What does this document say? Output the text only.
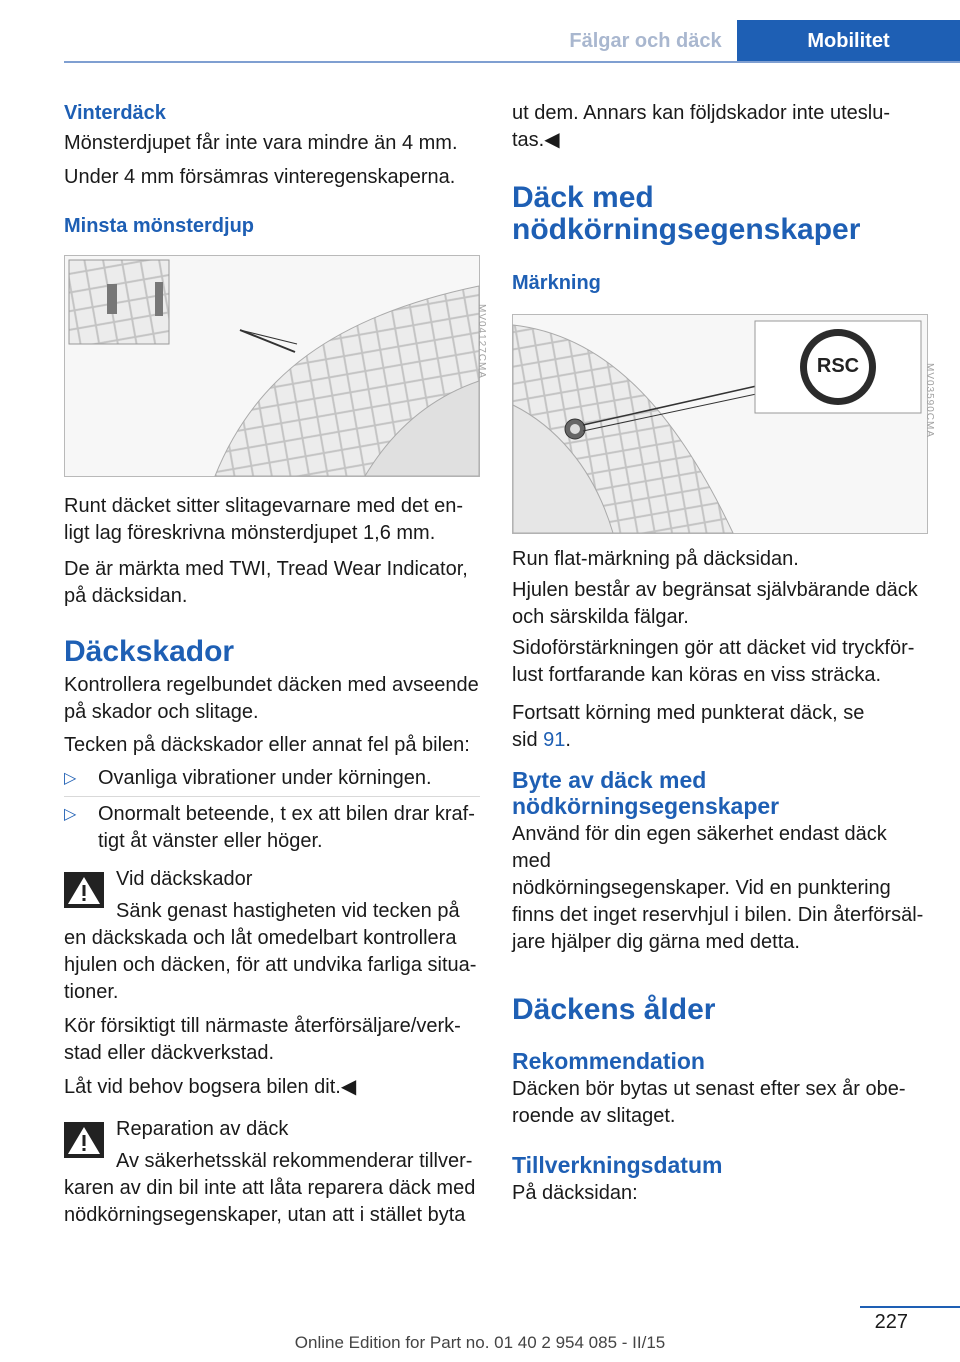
Fälgar och däck	Mobilitet

Vinterdäck

Mönsterdjupet får inte vara mindre än 4 mm.

Under 4 mm försämras vinteregenskaperna.

Minsta mönsterdjup

MV04127CMA

Runt däcket sitter slitagevarnare med det en‐

ligt lag föreskrivna mönsterdjupet 1,6 mm.

De är märkta med TWI, Tread Wear Indicator,

på däcksidan.

Däckskador

Kontrollera regelbundet däcken med avseende

på skador och slitage.

Tecken på däckskador eller annat fel på bilen:

▷	Ovanliga vibrationer under körningen.

▷	Onormalt beteende, t ex att bilen drar kraf‐

tigt åt vänster eller höger.

Vid däckskador

Sänk genast hastigheten vid tecken på

en däckskada och låt omedelbart kontrollera

hjulen och däcken, för att undvika farliga situa‐

tioner.

Kör försiktigt till närmaste återförsäljare/verk‐

stad eller däckverkstad.

Låt vid behov bogsera bilen dit.◀

Reparation av däck

Av säkerhetsskäl rekommenderar tillver‐

karen av din bil inte att låta reparera däck med

nödkörningsegenskaper, utan att i stället byta

ut dem. Annars kan följdskador inte uteslu‐

tas.◀

Däck med

nödkörningsegenskaper

Märkning

RSC	MV03590CMA

Run flat-märkning på däcksidan.

Hjulen består av begränsat självbärande däck

och särskilda fälgar.

Sidoförstärkningen gör att däcket vid tryckför‐

lust fortfarande kan köras en viss sträcka.

Fortsatt körning med punkterat däck, se

sid 91.

Byte av däck med

nödkörningsegenskaper

Använd för din egen säkerhet endast däck med

nödkörningsegenskaper. Vid en punktering

finns det inget reservhjul i bilen. Din återförsäl‐

jare hjälper dig gärna med detta.

Däckens ålder

Rekommendation

Däcken bör bytas ut senast efter sex år obe‐

roende av slitaget.

Tillverkningsdatum

På däcksidan:

227
Online Edition for Part no. 01 40 2 954 085 - II/15
